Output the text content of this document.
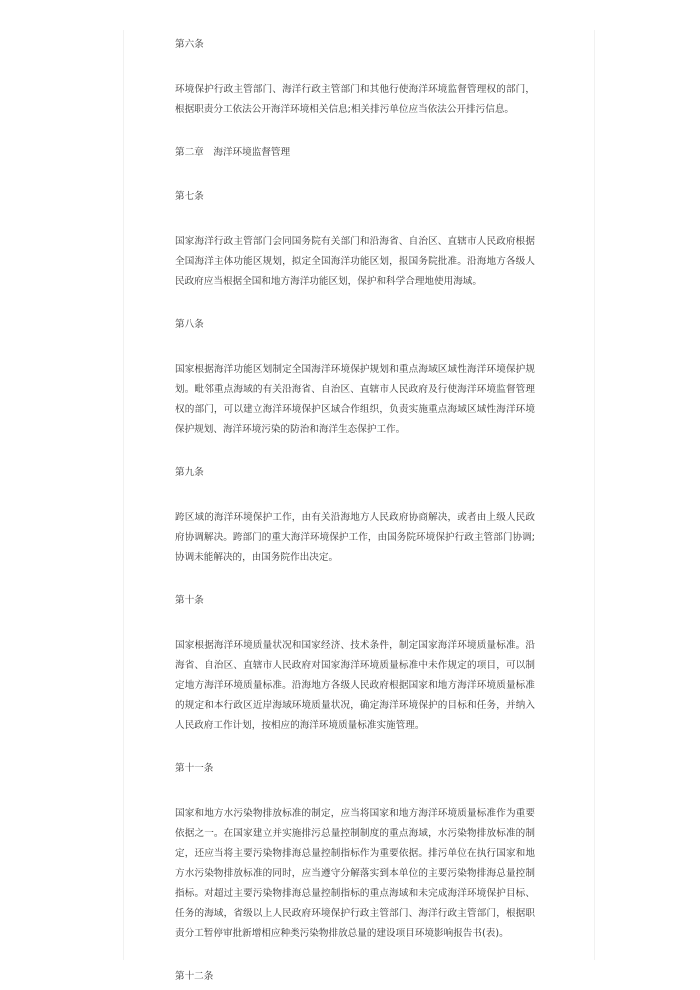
第六条

环境保护行政主管部门、海洋行政主管部门和其他行使海洋环境监督管理权的部门，根据职责分工依法公开海洋环境相关信息;相关排污单位应当依法公开排污信息。

第二章　海洋环境监督管理

第七条

国家海洋行政主管部门会同国务院有关部门和沿海省、自治区、直辖市人民政府根据全国海洋主体功能区规划，拟定全国海洋功能区划，报国务院批准。沿海地方各级人民政府应当根据全国和地方海洋功能区划，保护和科学合理地使用海域。

第八条

国家根据海洋功能区划制定全国海洋环境保护规划和重点海域区域性海洋环境保护规划。毗邻重点海域的有关沿海省、自治区、直辖市人民政府及行使海洋环境监督管理权的部门，可以建立海洋环境保护区域合作组织，负责实施重点海域区域性海洋环境保护规划、海洋环境污染的防治和海洋生态保护工作。

第九条

跨区域的海洋环境保护工作，由有关沿海地方人民政府协商解决，或者由上级人民政府协调解决。跨部门的重大海洋环境保护工作，由国务院环境保护行政主管部门协调;协调未能解决的，由国务院作出决定。

第十条

国家根据海洋环境质量状况和国家经济、技术条件，制定国家海洋环境质量标准。沿海省、自治区、直辖市人民政府对国家海洋环境质量标准中未作规定的项目，可以制定地方海洋环境质量标准。沿海地方各级人民政府根据国家和地方海洋环境质量标准的规定和本行政区近岸海域环境质量状况，确定海洋环境保护的目标和任务，并纳入人民政府工作计划，按相应的海洋环境质量标准实施管理。

第十一条

国家和地方水污染物排放标准的制定，应当将国家和地方海洋环境质量标准作为重要依据之一。在国家建立并实施排污总量控制制度的重点海域，水污染物排放标准的制定，还应当将主要污染物排海总量控制指标作为重要依据。排污单位在执行国家和地方水污染物排放标准的同时，应当遵守分解落实到本单位的主要污染物排海总量控制指标。对超过主要污染物排海总量控制指标的重点海域和未完成海洋环境保护目标、任务的海域，省级以上人民政府环境保护行政主管部门、海洋行政主管部门，根据职责分工暂停审批新增相应种类污染物排放总量的建设项目环境影响报告书(表)。

第十二条
